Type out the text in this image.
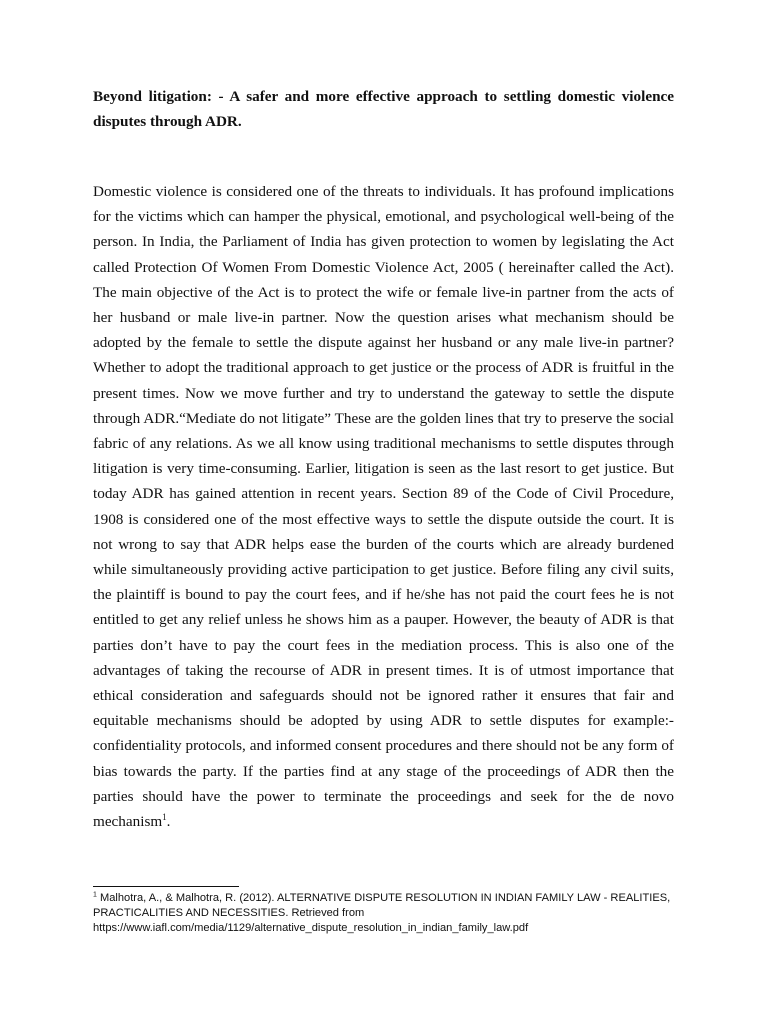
Beyond litigation: - A safer and more effective approach to settling domestic violence disputes through ADR.

Domestic violence is considered one of the threats to individuals. It has profound implications for the victims which can hamper the physical, emotional, and psychological well-being of the person. In India, the Parliament of India has given protection to women by legislating the Act called Protection Of Women From Domestic Violence Act, 2005 ( hereinafter called the Act). The main objective of the Act is to protect the wife or female live-in partner from the acts of her husband or male live-in partner. Now the question arises what mechanism should be adopted by the female to settle the dispute against her husband or any male live-in partner? Whether to adopt the traditional approach to get justice or the process of ADR is fruitful in the present times. Now we move further and try to understand the gateway to settle the dispute through ADR.“Mediate do not litigate” These are the golden lines that try to preserve the social fabric of any relations. As we all know using traditional mechanisms to settle disputes through litigation is very time-consuming. Earlier, litigation is seen as the last resort to get justice. But today ADR has gained attention in recent years. Section 89 of the Code of Civil Procedure, 1908 is considered one of the most effective ways to settle the dispute outside the court. It is not wrong to say that ADR helps ease the burden of the courts which are already burdened while simultaneously providing active participation to get justice. Before filing any civil suits, the plaintiff is bound to pay the court fees, and if he/she has not paid the court fees he is not entitled to get any relief unless he shows him as a pauper. However, the beauty of ADR is that parties don’t have to pay the court fees in the mediation process. This is also one of the advantages of taking the recourse of ADR in present times. It is of utmost importance that ethical consideration and safeguards should not be ignored rather it ensures that fair and equitable mechanisms should be adopted by using ADR to settle disputes for example:- confidentiality protocols, and informed consent procedures and there should not be any form of bias towards the party. If the parties find at any stage of the proceedings of ADR then the parties should have the power to terminate the proceedings and seek for the de novo mechanism$^1$.

$^1$ Malhotra, A., & Malhotra, R. (2012). ALTERNATIVE DISPUTE RESOLUTION IN INDIAN FAMILY LAW - REALITIES, PRACTICALITIES AND NECESSITIES. Retrieved from https://www.iafl.com/media/1129/alternative_dispute_resolution_in_indian_family_law.pdf
